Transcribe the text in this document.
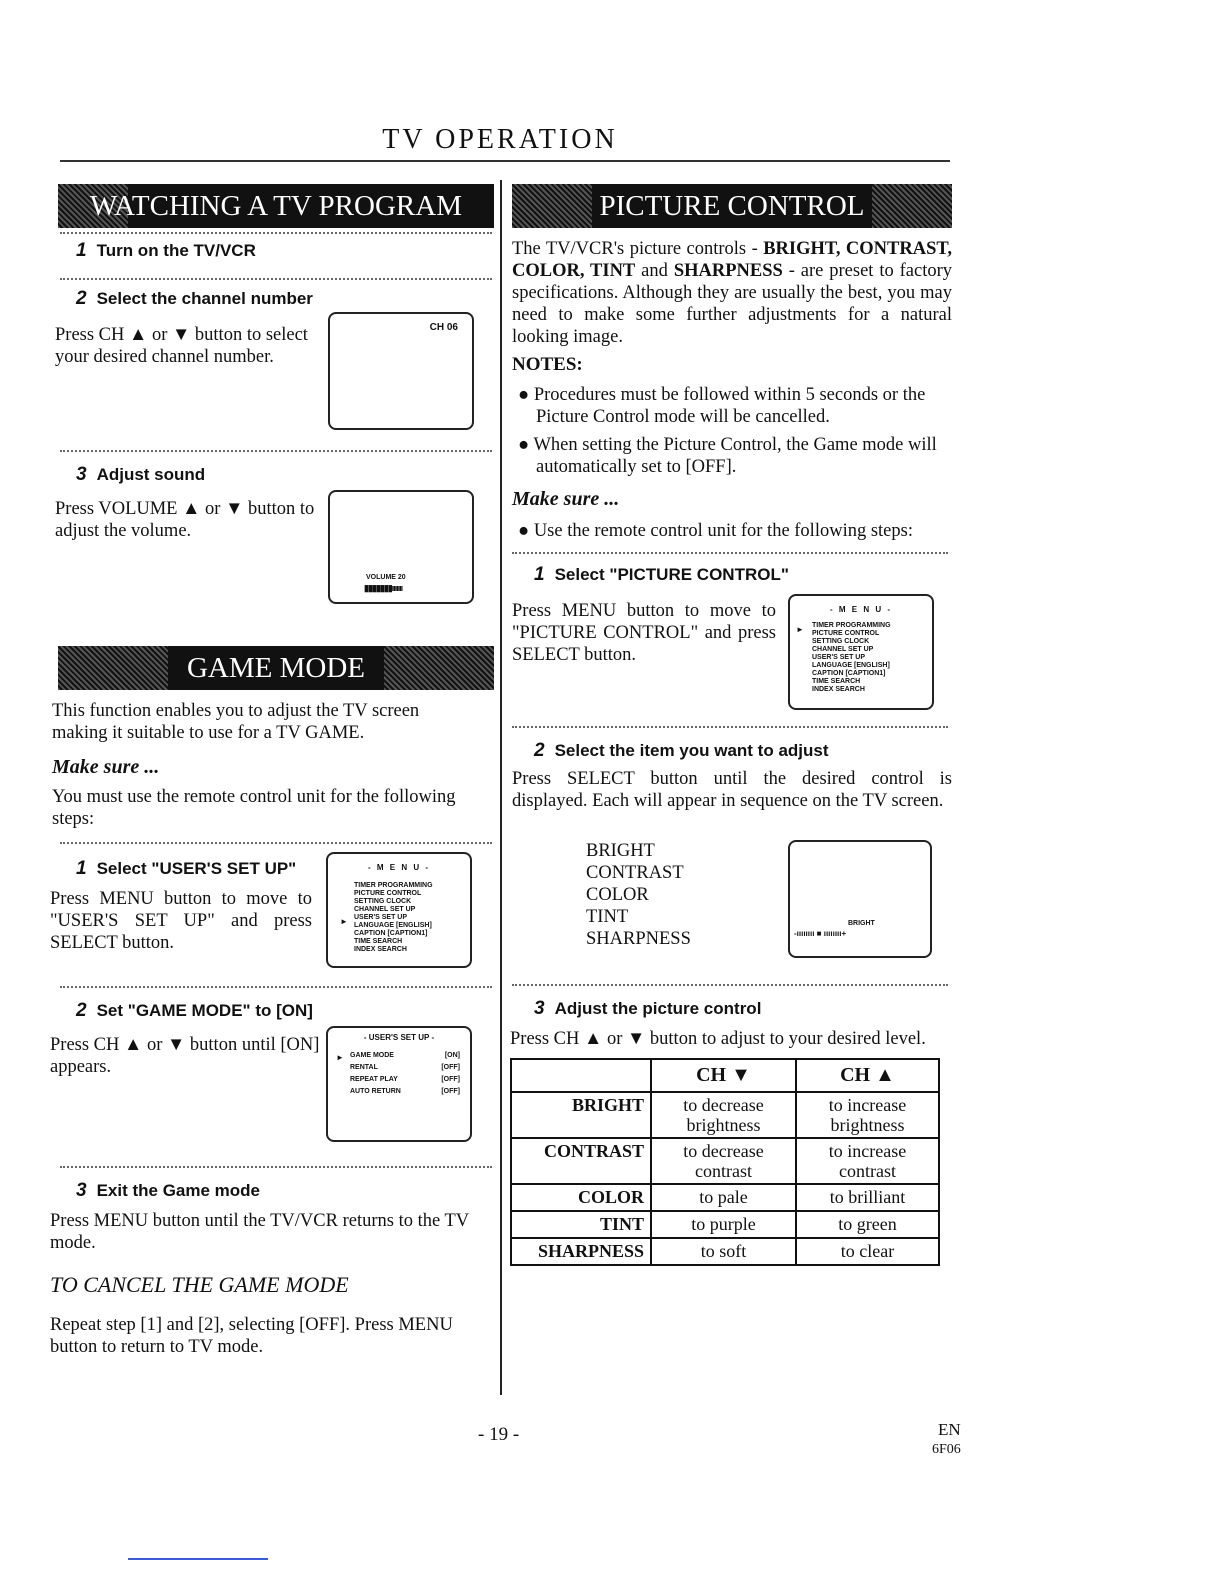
TV OPERATION
WATCHING A TV PROGRAM
1 Turn on the TV/VCR
2 Select the channel number
Press CH ▲ or ▼ button to select your desired channel number.
CH 06
3 Adjust sound
Press VOLUME ▲ or ▼ button to adjust the volume.
VOLUME 20
▮▮▮▮▮▮▮ııııııı
GAME MODE
This function enables you to adjust the TV screen making it suitable to use for a TV GAME.
Make sure ...
You must use the remote control unit for the following steps:
1 Select "USER'S SET UP"
Press MENU button to move to "USER'S SET UP" and press SELECT button.
- M E N U -
►
TIMER PROGRAMMING
PICTURE CONTROL
SETTING CLOCK
CHANNEL SET UP
USER'S SET UP
LANGUAGE [ENGLISH]
CAPTION [CAPTION1]
TIME SEARCH
INDEX SEARCH
2 Set "GAME MODE" to [ON]
Press CH ▲ or ▼ button until [ON] appears.
- USER'S SET UP -
► GAME MODE	[ON]
RENTAL	[OFF]
REPEAT PLAY	[OFF]
AUTO RETURN	[OFF]
3 Exit the Game mode
Press MENU button until the TV/VCR returns to the TV mode.
TO CANCEL THE GAME MODE
Repeat step [1] and [2], selecting [OFF]. Press MENU button to return to TV mode.
PICTURE CONTROL
The TV/VCR's picture controls - BRIGHT, CONTRAST, COLOR, TINT and SHARPNESS - are preset to factory specifications. Although they are usually the best, you may need to make some further adjustments for a natural looking image.
NOTES:
● Procedures must be followed within 5 seconds or the Picture Control mode will be cancelled.
● When setting the Picture Control, the Game mode will automatically set to [OFF].
Make sure ...
● Use the remote control unit for the following steps:
1 Select "PICTURE CONTROL"
Press MENU button to move to "PICTURE CONTROL" and press SELECT button.
- M E N U -
► TIMER PROGRAMMING
PICTURE CONTROL
SETTING CLOCK
CHANNEL SET UP
USER'S SET UP
LANGUAGE [ENGLISH]
CAPTION [CAPTION1]
TIME SEARCH
INDEX SEARCH
2 Select the item you want to adjust
Press SELECT button until the desired control is displayed. Each will appear in sequence on the TV screen.
BRIGHT
CONTRAST
COLOR
TINT
SHARPNESS
BRIGHT
-ıııııııı ■ ıııııııı+
3 Adjust the picture control
Press CH ▲ or ▼ button to adjust to your desired level.
	CH ▼	CH ▲
BRIGHT	to decrease brightness	to increase brightness
CONTRAST	to decrease contrast	to increase contrast
COLOR	to pale	to brilliant
TINT	to purple	to green
SHARPNESS	to soft	to clear
- 19 -	EN
6F06
